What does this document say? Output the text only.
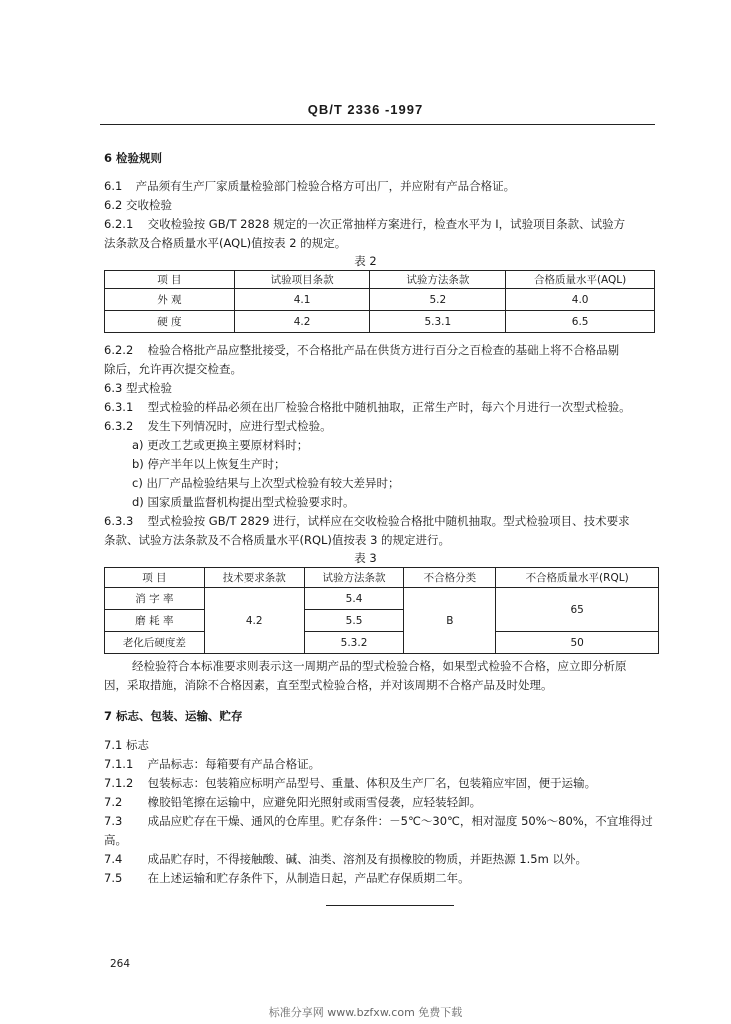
QB/T 2336 -1997
6 检验规则
6.1 产品须有生产厂家质量检验部门检验合格方可出厂，并应附有产品合格证。
6.2 交收检验
6.2.1 交收检验按 GB/T 2828 规定的一次正常抽样方案进行，检查水平为 Ⅰ，试验项目条款、试验方
法条款及合格质量水平(AQL)值按表 2 的规定。
表 2
项 目	试验项目条款	试验方法条款	合格质量水平(AQL)
外 观	4.1	5.2	4.0
硬 度	4.2	5.3.1	6.5
6.2.2 检验合格批产品应整批接受，不合格批产品在供货方进行百分之百检查的基础上将不合格品剔
除后，允许再次提交检查。
6.3 型式检验
6.3.1 型式检验的样品必须在出厂检验合格批中随机抽取，正常生产时，每六个月进行一次型式检验。
6.3.2 发生下列情况时，应进行型式检验。
a) 更改工艺或更换主要原材料时；
b) 停产半年以上恢复生产时；
c) 出厂产品检验结果与上次型式检验有较大差异时；
d) 国家质量监督机构提出型式检验要求时。
6.3.3 型式检验按 GB/T 2829 进行，试样应在交收检验合格批中随机抽取。型式检验项目、技术要求
条款、试验方法条款及不合格质量水平(RQL)值按表 3 的规定进行。
表 3
项 目	技术要求条款	试验方法条款	不合格分类	不合格质量水平(RQL)
消 字 率	4.2	5.4	B	65
磨 耗 率		5.5		
老化后硬度差		5.3.2		50
经检验符合本标准要求则表示这一周期产品的型式检验合格，如果型式检验不合格，应立即分析原
因，采取措施，消除不合格因素，直至型式检验合格，并对该周期不合格产品及时处理。
7 标志、包装、运输、贮存
7.1 标志
7.1.1 产品标志：每箱要有产品合格证。
7.1.2 包装标志：包装箱应标明产品型号、重量、体积及生产厂名，包装箱应牢固，便于运输。
7.2 橡胶铅笔擦在运输中，应避免阳光照射或雨雪侵袭，应轻装轻卸。
7.3 成品应贮存在干燥、通风的仓库里。贮存条件：－5℃～30℃，相对湿度 50%～80%，不宜堆得过
高。
7.4 成品贮存时，不得接触酸、碱、油类、溶剂及有损橡胶的物质，并距热源 1.5m 以外。
7.5 在上述运输和贮存条件下，从制造日起，产品贮存保质期二年。
264
标准分享网 www.bzfxw.com 免费下载
